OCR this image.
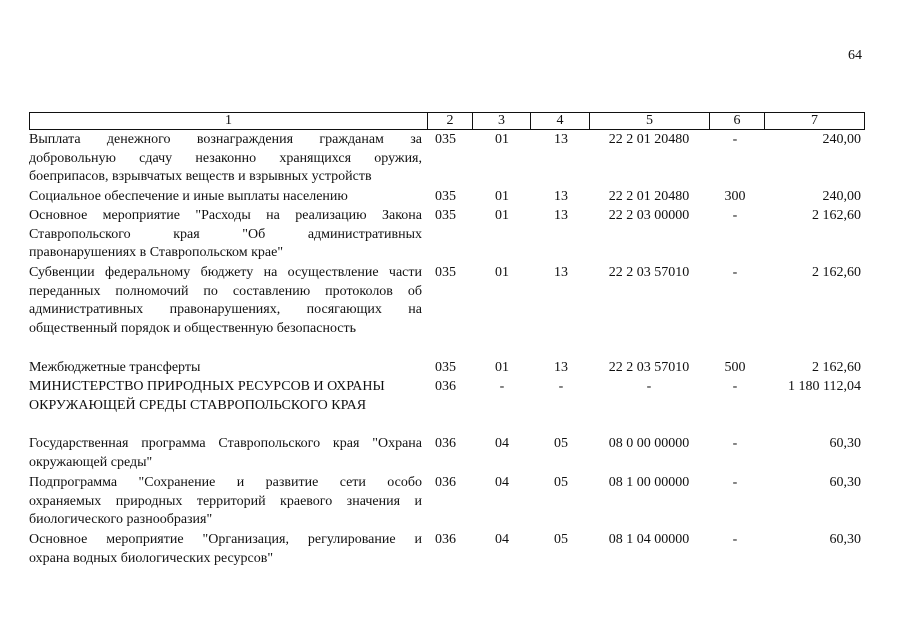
64
1	2	3	4	5	6	7
Выплата денежного вознаграждения гражданам за
добровольную сдачу незаконно хранящихся оружия,
боеприпасов, взрывчатых веществ и взрывных устройств
035	01	13	22 2 01 20480	-	240,00
Социальное обеспечение и иные выплаты населению	035	01	13	22 2 01 20480	300	240,00
Основное мероприятие "Расходы на реализацию Закона
Ставропольского края "Об административных
правонарушениях в Ставропольском крае"
035	01	13	22 2 03 00000	-	2 162,60
Субвенции федеральному бюджету на осуществление части
переданных полномочий по составлению протоколов об
административных правонарушениях, посягающих на
общественный порядок и общественную безопасность
035	01	13	22 2 03 57010	-	2 162,60
Межбюджетные трансферты	035	01	13	22 2 03 57010	500	2 162,60
МИНИСТЕРСТВО ПРИРОДНЫХ РЕСУРСОВ И ОХРАНЫ
ОКРУЖАЮЩЕЙ СРЕДЫ СТАВРОПОЛЬСКОГО КРАЯ
036	-	-	-	-	1 180 112,04
Государственная программа Ставропольского края "Охрана
окружающей среды"
036	04	05	08 0 00 00000	-	60,30
Подпрограмма "Сохранение и развитие сети особо
охраняемых природных территорий краевого значения и
биологического разнообразия"
036	04	05	08 1 00 00000	-	60,30
Основное мероприятие "Организация, регулирование и
охрана водных биологических ресурсов"
036	04	05	08 1 04 00000	-	60,30
